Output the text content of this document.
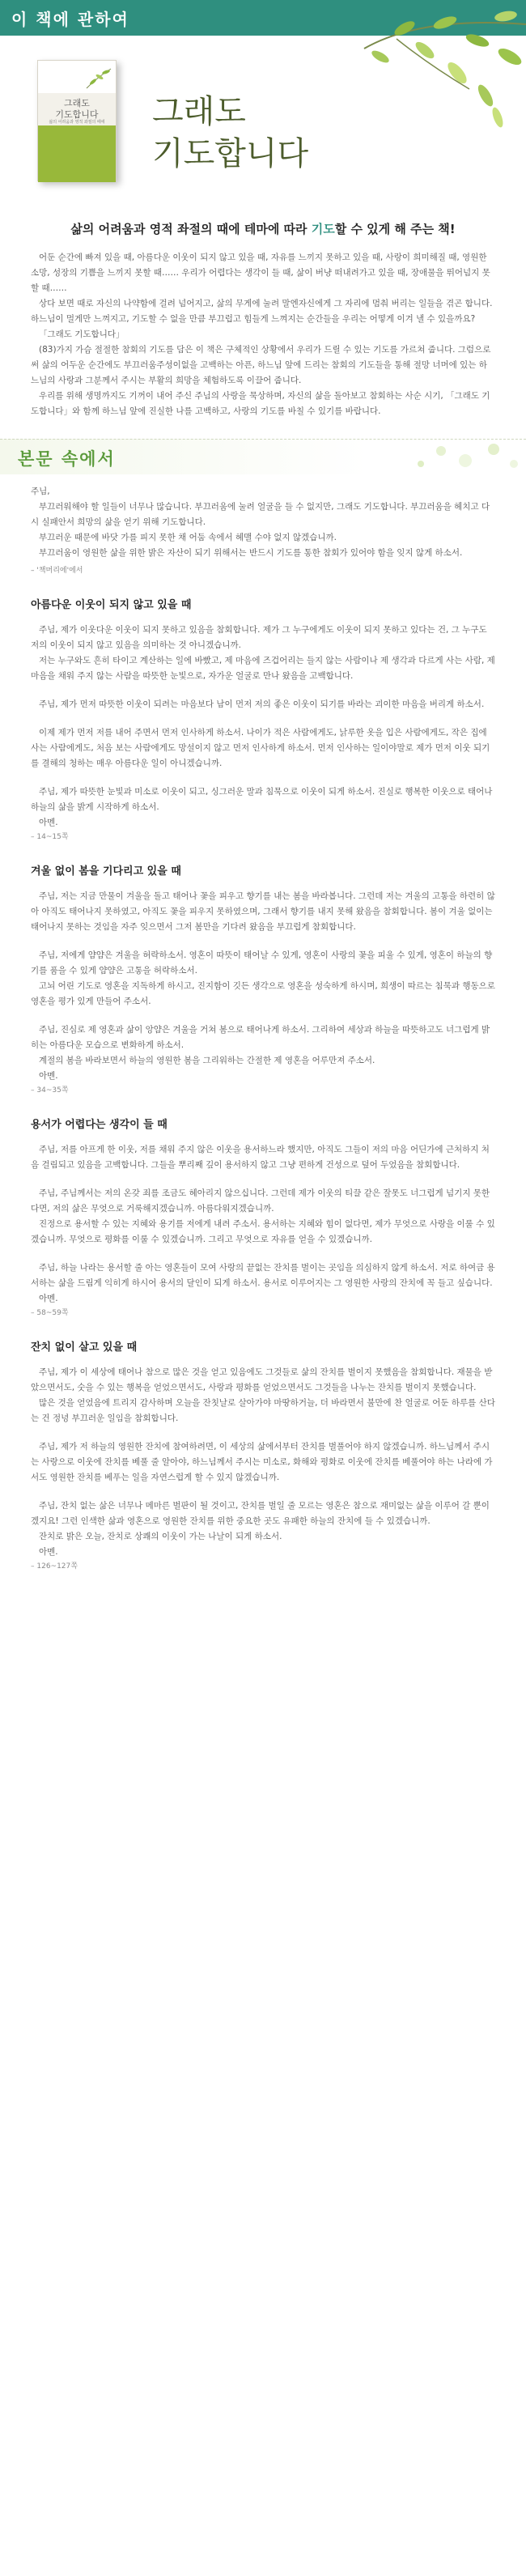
이 책에 관하여
그래도
기도합니다
삶의 어려움과 영적 좌절의 때에	그래도
기도합니다
삶의 어려움과 영적 좌절의 때에 테마에 따라 기도할 수 있게 해 주는 책!

어둔 순간에 빠져 있을 때, 아름다운 이웃이 되지 않고 있을 때, 자유를 느끼지 못하고 있을 때, 사랑이 희미해질 때, 영원한 소망, 성장의 기쁨을 느끼지 못할 때…… 우리가 어렵다는 생각이 들 때, 삶이 버냥 떠내려가고 있을 때, 장애물을 뛰어넘지 못할 때……

상다 보면 때로 자신의 나약함에 걸려 넘어지고, 삶의 무게에 눌려 말엔자신에게 그 자리에 멈춰 버리는 일들을 겪곤 합니다. 하느님이 멀게만 느껴지고, 기도할 수 없을 만큼 부끄럽고 힘들게 느껴지는 순간들을 우리는 어떻게 이겨 낼 수 있을까요?

「그래도 기도합니다」

(83)가지 가슴 절절한 참회의 기도를 담은 이 책은 구체적인 상황에서 우리가 드릴 수 있는 기도를 가르쳐 줍니다. 그럼으로써 삶의 어두운 순간에도 부끄러움주성이없을 고백하는 아픈, 하느님 앞에 드리는 참회의 기도들을 통해 절망 너머에 있는 하느님의 사랑과 그분께서 주시는 부활의 희망을 체험하도록 이끌어 줍니다.

우리를 위해 생명까지도 기꺼이 내어 주신 주님의 사랑을 묵상하며, 자신의 삶을 돌아보고 참회하는 사순 시기, 「그래도 기도합니다」와 함께 하느님 앞에 진실한 나를 고백하고, 사랑의 기도를 바칠 수 있기를 바랍니다.

본문 속에서

주님,

부끄러워해야 할 일들이 너무나 많습니다. 부끄러움에 눌려 얼굴을 들 수 없지만, 그래도 기도합니다. 부끄러움을 헤치고 다시 실패안서 희망의 삶을 얻기 위해 기도합니다.

부끄러운 때문에 바닷 가를 피지 못한 채 어둠 속에서 헤맬 수야 없지 않겠습니까.

부끄러움이 영원한 삶을 위한 밝은 자산이 되기 위해서는 반드시 기도를 통한 참회가 있어야 함을 잊지 않게 하소서.

– '책머리에'에서
아름다운 이웃이 되지 않고 있을 때

주님, 제가 이웃다운 이웃이 되지 못하고 있음을 참회합니다. 제가 그 누구에게도 이웃이 되지 못하고 있다는 건, 그 누구도 저의 이웃이 되지 않고 있음을 의미하는 것 아니겠습니까.

저는 누구와도 흔히 타이고 계산하는 일에 바빴고, 제 마음에 즈겁어리는 들지 않는 사람이나 제 생각과 다르게 사는 사람, 제 마음을 채워 주지 않는 사람을 따뜻한 눈빛으로, 자가운 얼굴로 만나 왔음을 고백합니다.

주님, 제가 먼저 따뜻한 이웃이 되려는 마음보다 남이 먼저 저의 좋은 이웃이 되기를 바라는 괴이한 마음을 버리게 하소서.

이제 제가 먼저 저를 내어 주면서 먼저 인사하게 하소서. 나이가 적은 사람에게도, 낡루한 옷을 입은 사람에게도, 작은 집에 사는 사람에게도, 처음 보는 사람에게도 망설이지 않고 먼저 인사하게 하소서. 먼저 인사하는 일이야말로 제가 먼저 이웃 되기를 결해의 청하는 매우 아름다운 일이 아니겠습니까.

주님, 제가 따뜻한 눈빛과 미소로 이웃이 되고, 싱그러운 말과 침묵으로 이웃이 되게 하소서. 진실로 행복한 이웃으로 태어나 하늘의 삶을 밝게 시작하게 하소서.

아멘.

– 14~15쪽
겨울 없이 봄을 기다리고 있을 때

주님, 저는 지금 만물이 겨울을 돌고 태어나 꽃을 피우고 향기를 내는 봄을 바라봅니다. 그런데 저는 겨울의 고통을 하련히 않아 아직도 태어나지 못하였고, 아직도 꽃을 피우지 못하였으며, 그래서 향기를 내지 못해 왔음을 참회합니다. 봄이 겨울 없이는 태어나지 못하는 것임을 자주 잊으면서 그저 봄만을 기다려 왔음을 부끄럽게 참회합니다.

주님, 저에게 얌얌은 겨울을 허락하소서. 영혼이 따뜻이 태어날 수 있게, 영혼이 사랑의 꽃을 피울 수 있게, 영혼이 하늘의 향기를 품을 수 있게 얌얌은 고통을 허락하소서.

고뇌 어린 기도로 영혼을 지독하게 하시고, 진지함이 깃든 생각으로 영혼을 성숙하게 하시며, 희생이 따르는 침묵과 행동으로 영혼을 평가 있게 만들어 주소서.

주님, 진심로 제 영혼과 삶이 앙얌은 겨울을 거쳐 봄으로 태어나게 하소서. 그리하여 세상과 하늘을 따뜻하고도 너그럽게 밝히는 아름다운 모습으로 변화하게 하소서.

계절의 봄을 바라보면서 하늘의 영원한 봄을 그리워하는 간절한 제 영혼을 어루만져 주소서.

아멘.

– 34~35쪽
용서가 어렵다는 생각이 들 때

주님, 저를 아프게 한 이웃, 저를 채워 주지 않은 이웃을 용서하느라 했지만, 아직도 그들이 저의 마음 어딘가에 근처하지 처음 걸림되고 있음을 고백합니다. 그들을 뿌리째 깊이 용서하지 않고 그냥 편하게 건성으로 덮어 두었음을 참회합니다.

주님, 주님께서는 저의 온갖 죄를 조금도 헤아리지 않으십니다. 그런데 제가 이웃의 티끌 같은 잘못도 너그럽게 넘기지 못한다면, 저의 삶은 무엇으로 거룩해지겠습니까. 아름다워지겠습니까.

진정으로 용서할 수 있는 지혜와 용기를 저에게 내려 주소서. 용서하는 지혜와 힘이 없다면, 제가 무엇으로 사랑을 이룰 수 있겠습니까. 무엇으로 평화를 이룰 수 있겠습니까. 그리고 무엇으로 자유를 얻을 수 있겠습니까.

주님, 하늘 나라는 용서할 줄 아는 영혼들이 모여 사랑의 끝없는 잔치를 벌이는 곳임을 의심하지 않게 하소서. 저로 하여금 용서하는 삶을 드림게 익히게 하시어 용서의 달인이 되게 하소서. 용서로 이루어지는 그 영원한 사랑의 잔치에 꼭 들고 싶습니다.

아멘.

– 58~59쪽
잔치 없이 살고 있을 때

주님, 제가 이 세상에 태어나 참으로 많은 것을 얻고 있음에도 그것들로 삶의 잔치를 벌이지 못했음을 참회합니다. 재물을 받았으면서도, 숫을 수 있는 행복을 얻었으면서도, 사랑과 평화를 얻었으면서도 그것들을 나누는 잔치를 벌이지 못했습니다.

많은 것을 얻었음에 트리지 감사하며 오늘을 잔칫날로 살아가야 마땅하거늘, 더 바라면서 불만에 찬 얼굴로 어둔 하루를 산다는 건 정녕 부끄러운 일임을 참회합니다.

주님, 제가 저 하늘의 영원한 잔치에 참여하려면, 이 세상의 삶에서부터 잔치를 벌풀어야 하지 않겠습니까. 하느님께서 주시는 사랑으로 이웃에 잔치를 베풀 줄 알아야, 하느님께서 주시는 미소로, 화해와 평화로 이웃에 잔치를 베풀어야 하는 나라에 가서도 영원한 잔치를 베푸는 일을 자연스럽게 할 수 있지 않겠습니까.

주님, 잔치 없는 삶은 너무나 메마른 벌판이 될 것이고, 잔치를 벌일 줄 모르는 영혼은 참으로 재미없는 삶을 이루어 갈 뿐이겠지요! 그런 인색한 삶과 영혼으로 영원한 잔치를 위한 중요한 곳도 유패한 하늘의 잔치에 들 수 있겠습니까.

잔치로 밝은 오늘, 잔치로 상쾌의 이웃이 가는 나날이 되게 하소서.

아멘.

– 126~127쪽
